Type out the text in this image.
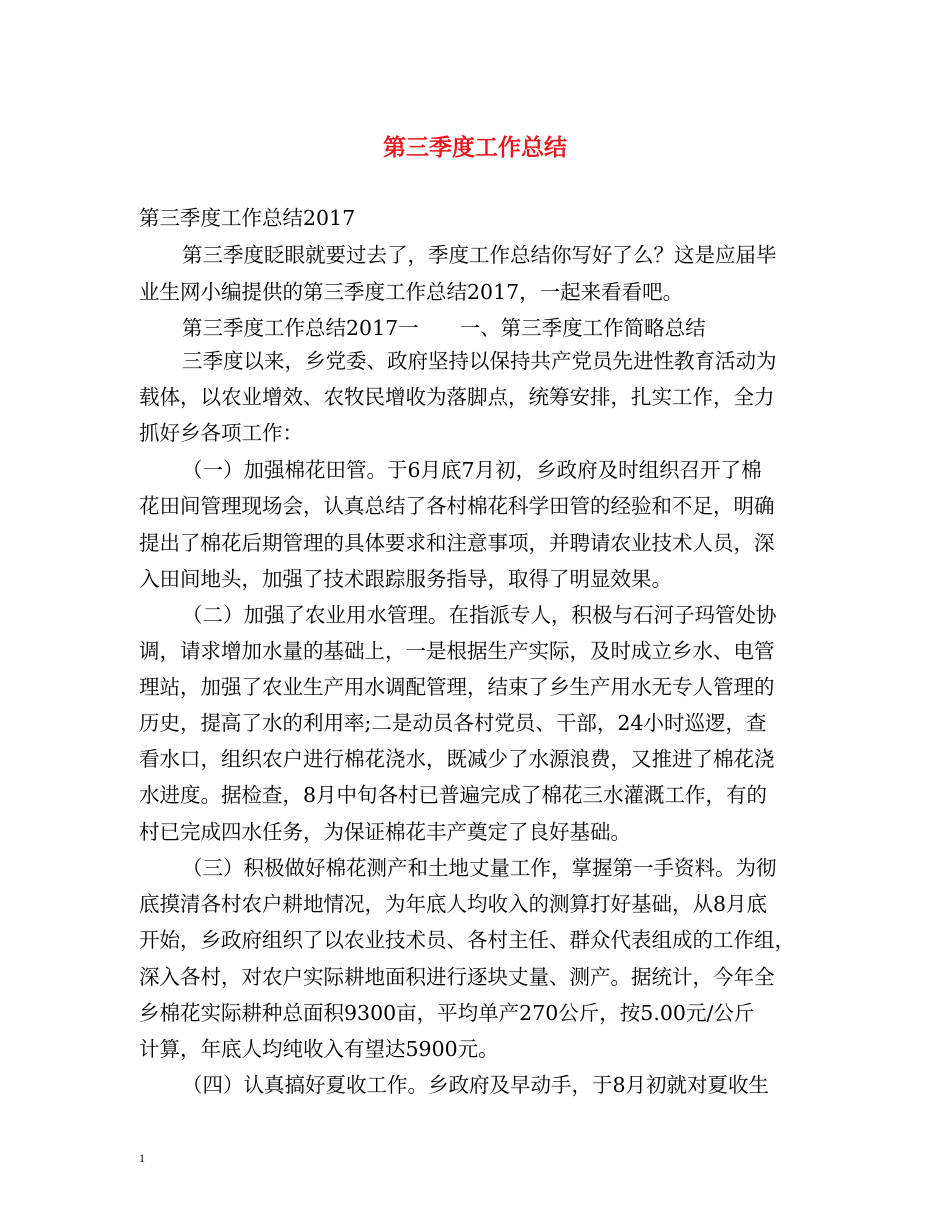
第三季度工作总结
第三季度工作总结2017
第三季度眨眼就要过去了，季度工作总结你写好了么？这是应届毕
业生网小编提供的第三季度工作总结2017，一起来看看吧。
第三季度工作总结2017一　　一、第三季度工作简略总结
三季度以来，乡党委、政府坚持以保持共产党员先进性教育活动为
载体，以农业增效、农牧民增收为落脚点，统筹安排，扎实工作，全力
抓好乡各项工作：
（一）加强棉花田管。于6月底7月初，乡政府及时组织召开了棉
花田间管理现场会，认真总结了各村棉花科学田管的经验和不足，明确
提出了棉花后期管理的具体要求和注意事项，并聘请农业技术人员，深
入田间地头，加强了技术跟踪服务指导，取得了明显效果。
（二）加强了农业用水管理。在指派专人，积极与石河子玛管处协
调，请求增加水量的基础上，一是根据生产实际，及时成立乡水、电管
理站，加强了农业生产用水调配管理，结束了乡生产用水无专人管理的
历史，提高了水的利用率;二是动员各村党员、干部，24小时巡逻，查
看水口，组织农户进行棉花浇水，既减少了水源浪费，又推进了棉花浇
水进度。据检查，8月中旬各村已普遍完成了棉花三水灌溉工作，有的
村已完成四水任务，为保证棉花丰产奠定了良好基础。
（三）积极做好棉花测产和土地丈量工作，掌握第一手资料。为彻
底摸清各村农户耕地情况，为年底人均收入的测算打好基础，从8月底
开始，乡政府组织了以农业技术员、各村主任、群众代表组成的工作组，
深入各村，对农户实际耕地面积进行逐块丈量、测产。据统计，今年全
乡棉花实际耕种总面积9300亩，平均单产270公斤，按5.00元/公斤
计算，年底人均纯收入有望达5900元。
（四）认真搞好夏收工作。乡政府及早动手，于8月初就对夏收生
1
